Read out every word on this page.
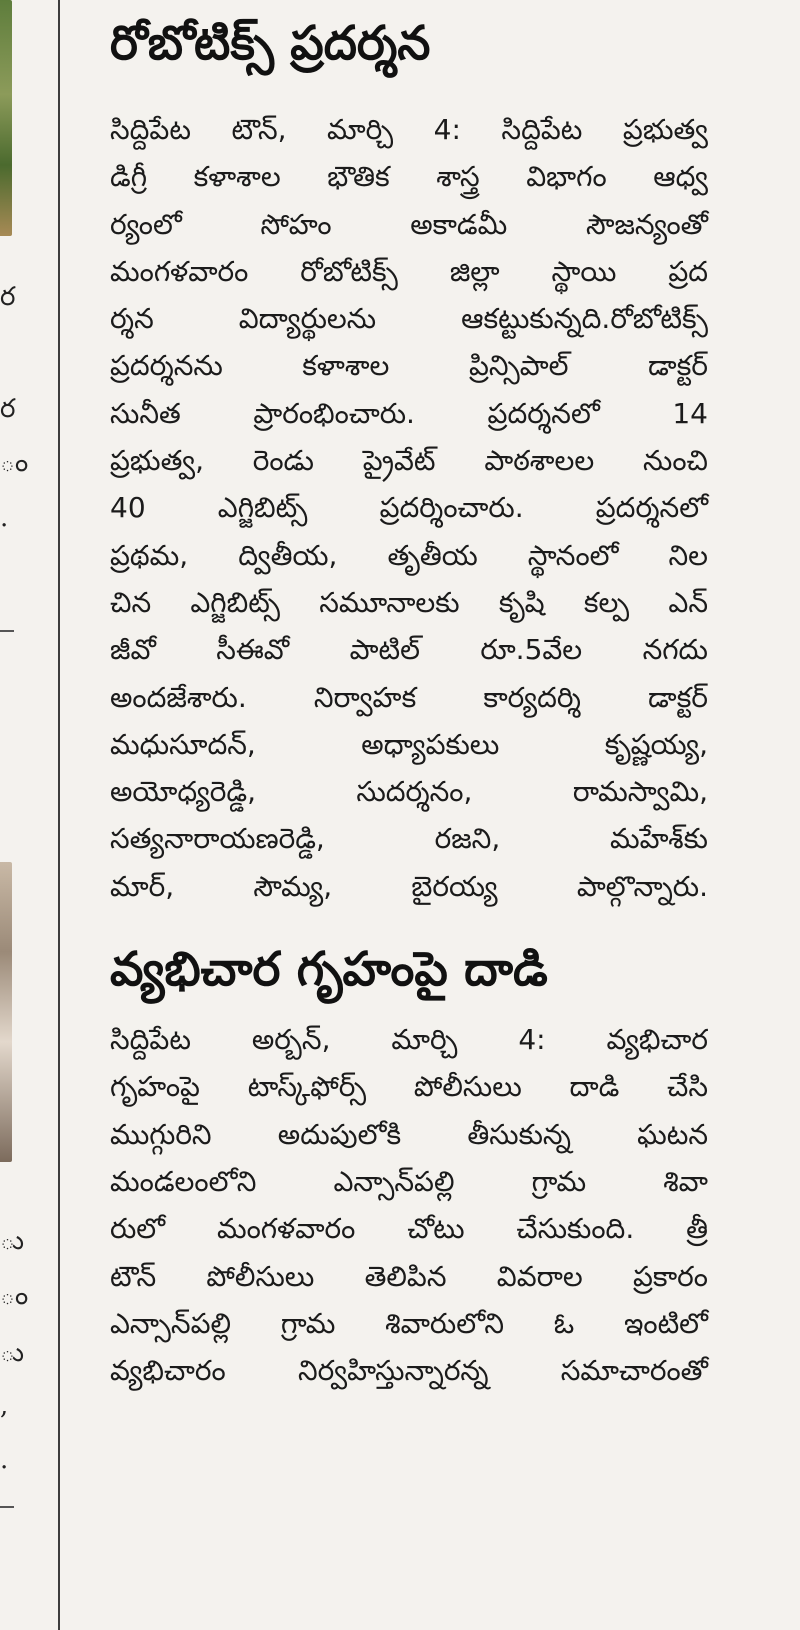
ర
ర
ం
.
ు
ం
ు
,
.
రోబోటిక్స్ ప్రదర్శన
సిద్దిపేట టౌన్, మార్చి 4: సిద్దిపేట ప్రభుత్వ
డిగ్రీ కళాశాల భౌతిక శాస్త్ర విభాగం ఆధ్వ
ర్యంలో సోహం అకాడమీ సౌజన్యంతో
మంగళవారం రోబోటిక్స్ జిల్లా స్థాయి ప్రద
ర్శన విద్యార్థులను ఆకట్టుకున్నది.రోబోటిక్స్
ప్రదర్శనను కళాశాల ప్రిన్సిపాల్ డాక్టర్
సునీత ప్రారంభించారు. ప్రదర్శనలో 14
ప్రభుత్వ, రెండు ప్రైవేట్ పాఠశాలల నుంచి
40 ఎగ్జిబిట్స్ ప్రదర్శించారు. ప్రదర్శనలో
ప్రథమ, ద్వితీయ, తృతీయ స్థానంలో నిల
చిన ఎగ్జిబిట్స్ సమూనాలకు కృషి కల్ప ఎన్
జీవో సీఈవో పాటిల్ రూ.5వేల నగదు
అందజేశారు. నిర్వాహక కార్యదర్శి డాక్టర్
మధుసూదన్, అధ్యాపకులు కృష్ణయ్య,
అయోధ్యరెడ్డి, సుదర్శనం, రామస్వామి,
సత్యనారాయణరెడ్డి, రజని, మహేశ్‌కు
మార్, సౌమ్య, బైరయ్య పాల్గొన్నారు.
వ్యభిచార గృహంపై దాడి
సిద్దిపేట అర్బన్, మార్చి 4: వ్యభిచార
గృహంపై టాస్క్‌ఫోర్స్ పోలీసులు దాడి చేసి
ముగ్గురిని అదుపులోకి తీసుకున్న ఘటన
మండలంలోని ఎన్సాన్‌పల్లి గ్రామ శివా
రులో మంగళవారం చోటు చేసుకుంది. త్రీ
టౌన్ పోలీసులు తెలిపిన వివరాల ప్రకారం
ఎన్సాన్‌పల్లి గ్రామ శివారులోని ఓ ఇంటిలో
వ్యభిచారం నిర్వహిస్తున్నారన్న సమాచారంతో
